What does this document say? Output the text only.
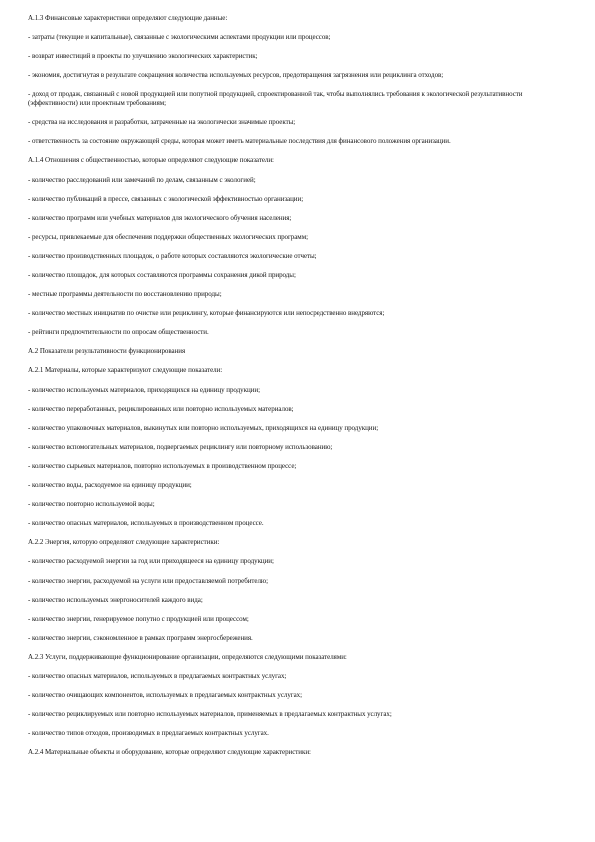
A.1.3 Финансовые характеристики определяют следующие данные:

- затраты (текущие и капитальные), связанные с экологическими аспектами продукции или процессов;

- возврат инвестиций в проекты по улучшению экологических характеристик;

- экономия, достигнутая в результате сокращения количества используемых ресурсов, предотвращения загрязнения или рециклинга отходов;

- доход от продаж, связанный с новой продукцией или попутной продукцией, спроектированной так, чтобы выполнялись требования к экологической результативности (эффективности) или проектным требованиям;

- средства на исследования и разработки, затраченные на экологически значимые проекты;

- ответственность за состояние окружающей среды, которая может иметь материальные последствия для финансового положения организации.

A.1.4 Отношения с общественностью, которые определяют следующие показатели:

- количество расследований или замечаний по делам, связанным с экологией;

- количество публикаций в прессе, связанных с экологической эффективностью организации;

- количество программ или учебных материалов для экологического обучения населения;

- ресурсы, привлекаемые для обеспечения поддержки общественных экологических программ;

- количество производственных площадок, о работе которых составляются экологические отчеты;

- количество площадок, для которых составляются программы сохранения дикой природы;

- местные программы деятельности по восстановлению природы;

- количество местных инициатив по очистке или рециклингу, которые финансируются или непосредственно внедряются;

- рейтинги предпочтительности по опросам общественности.

A.2 Показатели результативности функционирования

A.2.1 Материалы, которые характеризуют следующие показатели:

- количество используемых материалов, приходящихся на единицу продукции;

- количество переработанных, рециклированных или повторно используемых материалов;

- количество упаковочных материалов, выкинутых или повторно используемых, приходящихся на единицу продукции;

- количество вспомогательных материалов, подвергаемых рециклингу или повторному использованию;

- количество сырьевых материалов, повторно используемых в производственном процессе;

- количество воды, расходуемое на единицу продукции;

- количество повторно используемой воды;

- количество опасных материалов, используемых в производственном процессе.

A.2.2 Энергия, которую определяют следующие характеристики:

- количество расходуемой энергии за год или приходящееся на единицу продукции;

- количество энергии, расходуемой на услуги или предоставляемой потребителю;

- количество используемых энергоносителей каждого вида;

- количество энергии, генерируемое попутно с продукцией или процессом;

- количество энергии, сэкономленное в рамках программ энергосбережения.

A.2.3 Услуги, поддерживающие функционирование организации, определяются следующими показателями:

- количество опасных материалов, используемых в предлагаемых контрактных услугах;

- количество очищающих компонентов, используемых в предлагаемых контрактных услугах;

- количество рециклируемых или повторно используемых материалов, применяемых в предлагаемых контрактных услугах;

- количество типов отходов, производимых в предлагаемых контрактных услугах.

A.2.4 Материальные объекты и оборудование, которые определяют следующие характеристики:
